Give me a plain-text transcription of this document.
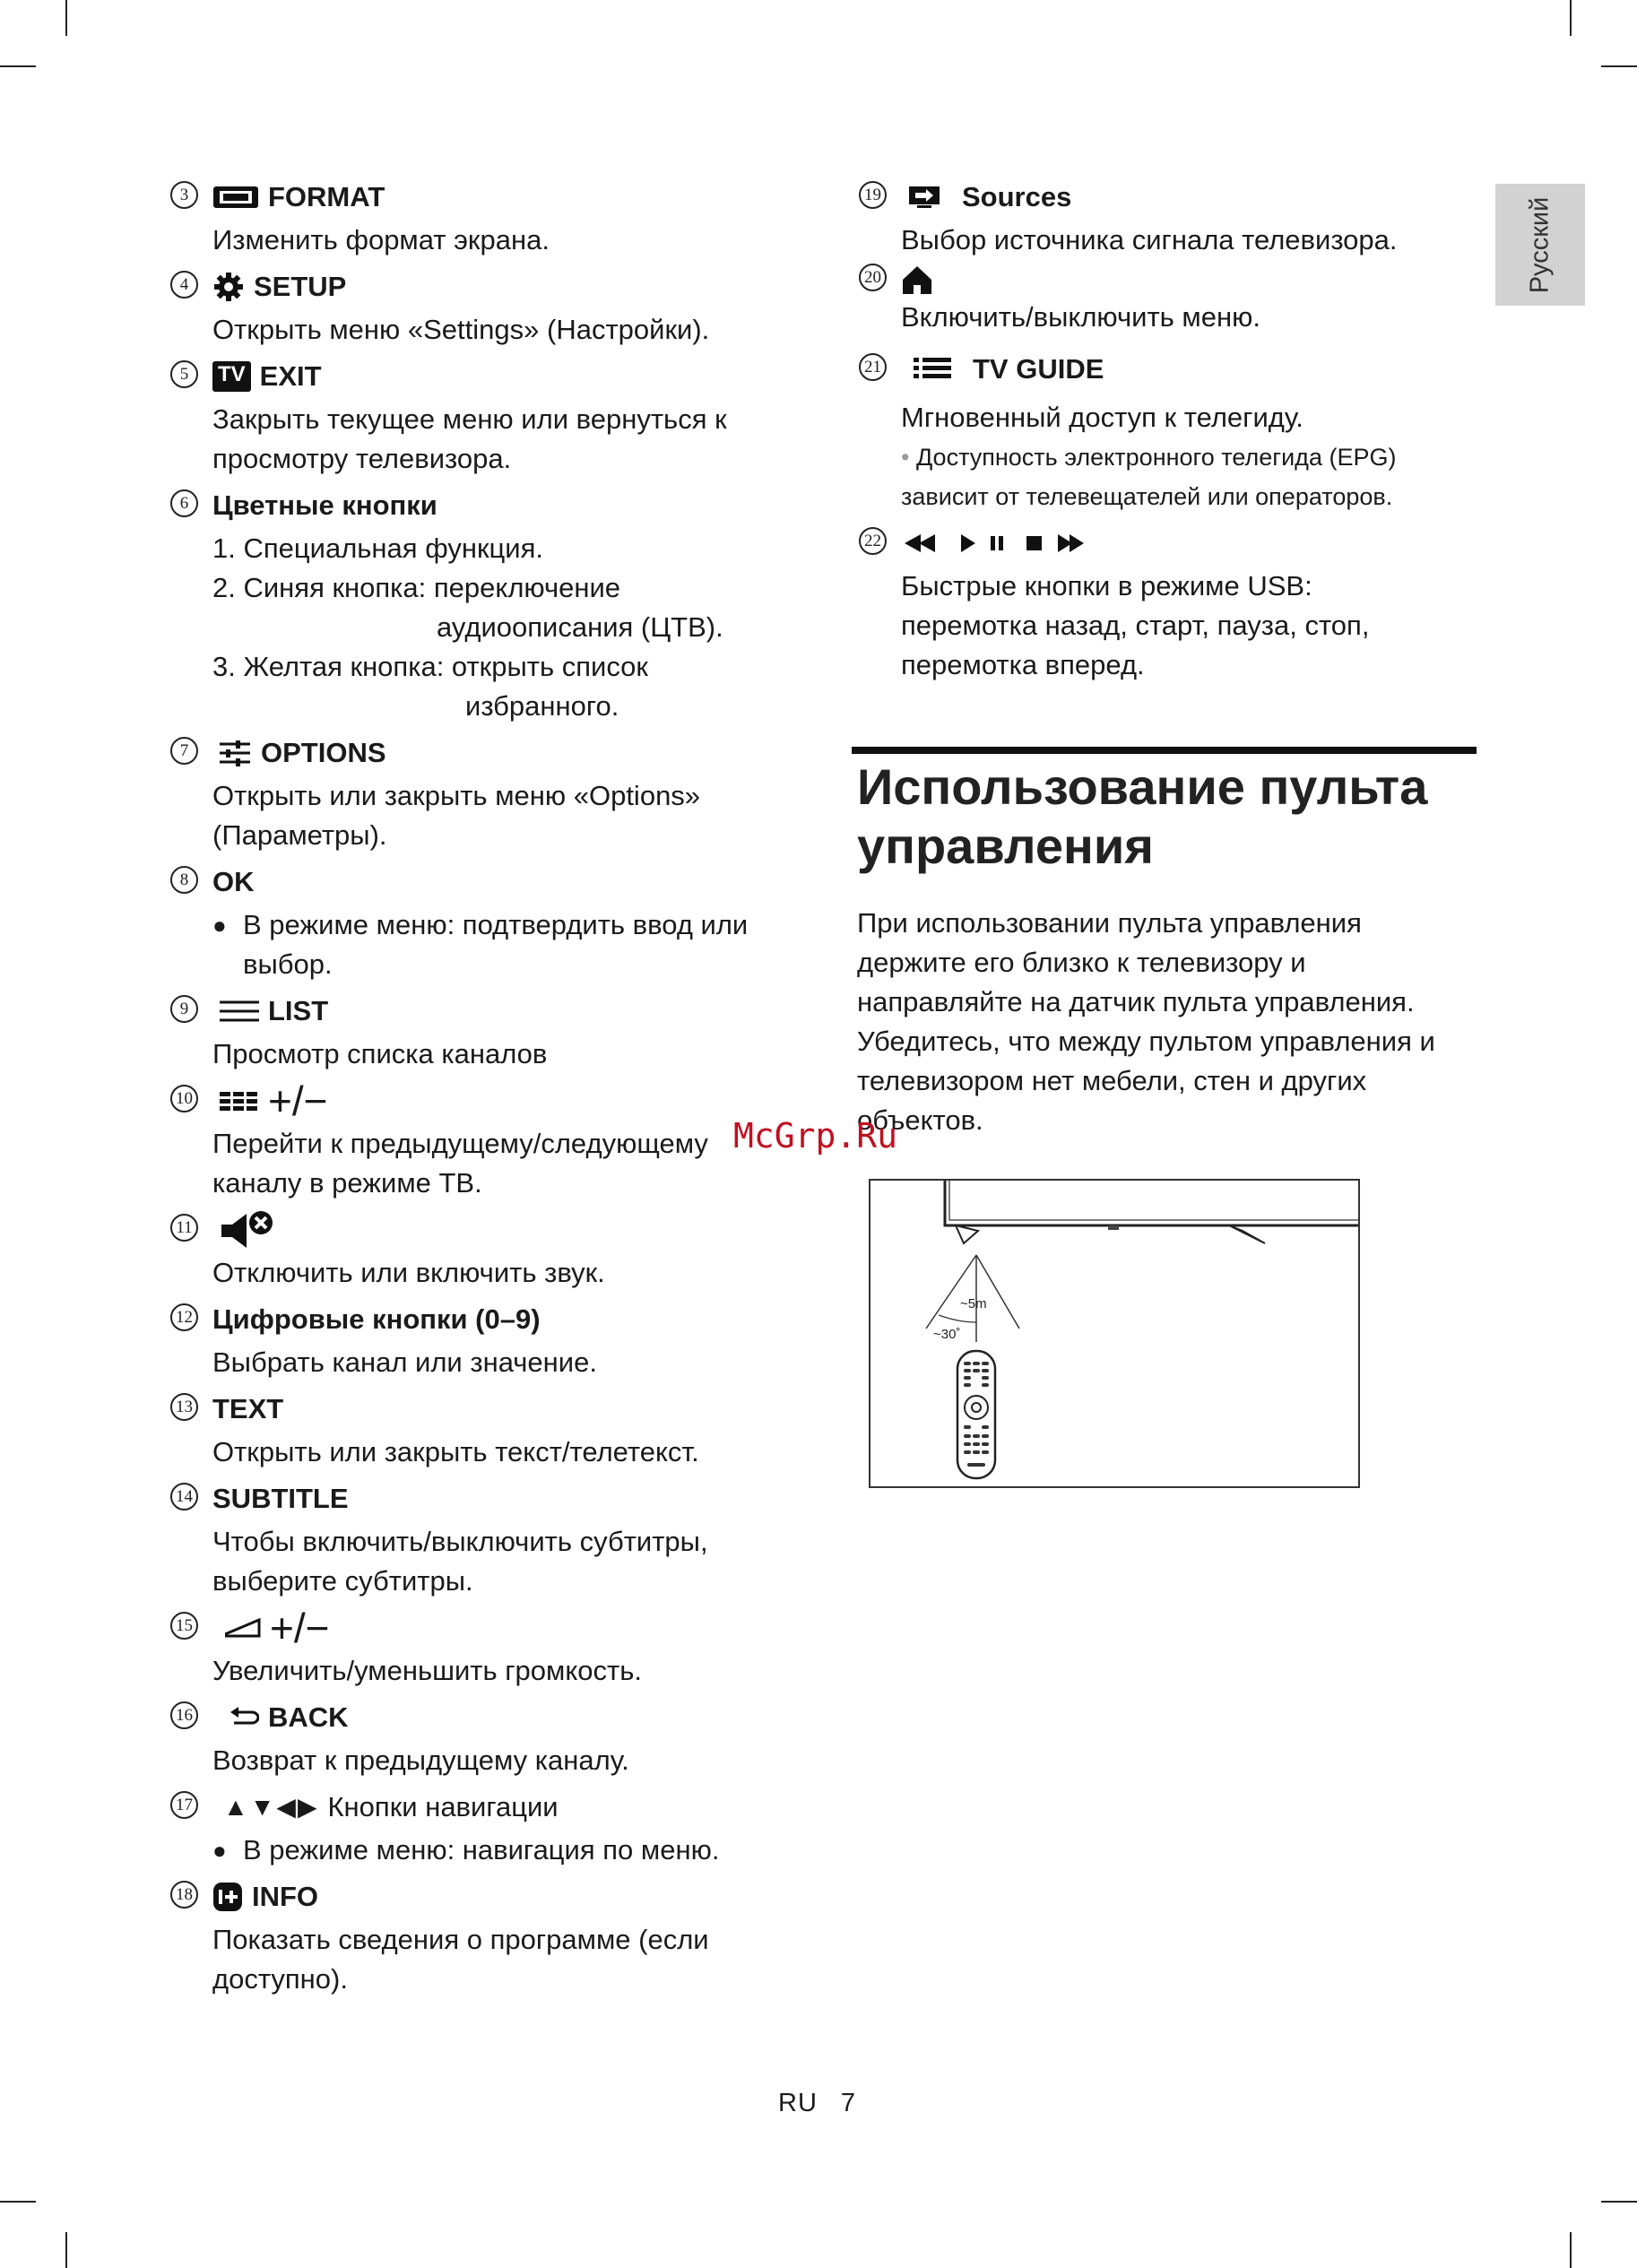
Русский
3	FORMAT
Изменить формат экрана.
4	SETUP
Открыть меню «Settings» (Настройки).
5	TV EXIT
Закрыть текущее меню или вернуться к
просмотру телевизора.
6 Цветные кнопки
1. Специальная функция.
2. Синяя кнопка: переключение
аудиоописания (ЦТВ).
3. Желтая кнопка: открыть список
избранного.
7	OPTIONS
Открыть или закрыть меню «Options»
(Параметры).
8 OK
● В режиме меню: подтвердить ввод или
выбор.
9	LIST
Просмотр списка каналов
10 +/−
Перейти к предыдущему/следующему
каналу в режиме ТВ.
11
Отключить или включить звук.
12 Цифровые кнопки (0–9)
Выбрать канал или значение.
13 TEXT
Открыть или закрыть текст/телетекст.
14 SUBTITLE
Чтобы включить/выключить субтитры,
выберите субтитры.
15 +/−
Увеличить/уменьшить громкость.
16	BACK
Возврат к предыдущему каналу.
17 ▲▼◀▶ Кнопки навигации
● В режиме меню: навигация по меню.
18 INFO
Показать сведения о программе (если
доступно).
19	Sources
Выбор источника сигнала телевизора.
20
Включить/выключить меню.
21	TV GUIDE
Мгновенный доступ к телегиду.
• Доступность электронного телегида (EPG)
зависит от телевещателей или операторов.
22
Быстрые кнопки в режиме USB:
перемотка назад, старт, пауза, стоп,
перемотка вперед.
Использование пульта
управления
При использовании пульта управления
держите его близко к телевизору и
направляйте на датчик пульта управления.
Убедитесь, что между пультом управления и
телевизором нет мебели, стен и других
объектов.
McGrp.Ru
~5m
~30˚
RU 7
